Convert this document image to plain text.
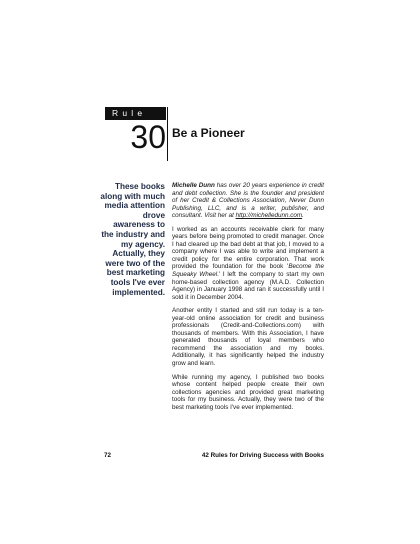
Rule
30 Be a Pioneer
These books along with much media attention drove awareness to the industry and my agency. Actually, they were two of the best marketing tools I've ever implemented.

Michelle Dunn has over 20 years experience in credit and debt collection. She is the founder and president of her Credit & Collections Association, Never Dunn Publishing, LLC, and is a writer, publisher, and consultant. Visit her at http://michelledunn.com.

I worked as an accounts receivable clerk for many years before being promoted to credit manager. Once I had cleared up the bad debt at that job, I moved to a company where I was able to write and implement a credit policy for the entire corporation. That work provided the foundation for the book 'Become the Squeaky Wheel.' I left the company to start my own home-based collection agency (M.A.D. Collection Agency) in January 1998 and ran it successfully until I sold it in December 2004.

Another entity I started and still run today is a ten-year-old online association for credit and business professionals (Credit-and-Collections.com) with thousands of members. With this Association, I have generated thousands of loyal members who recommend the association and my books. Additionally, it has significantly helped the industry grow and learn.

While running my agency, I published two books whose content helped people create their own collections agencies and provided great marketing tools for my business. Actually, they were two of the best marketing tools I've ever implemented.

72	42 Rules for Driving Success with Books
